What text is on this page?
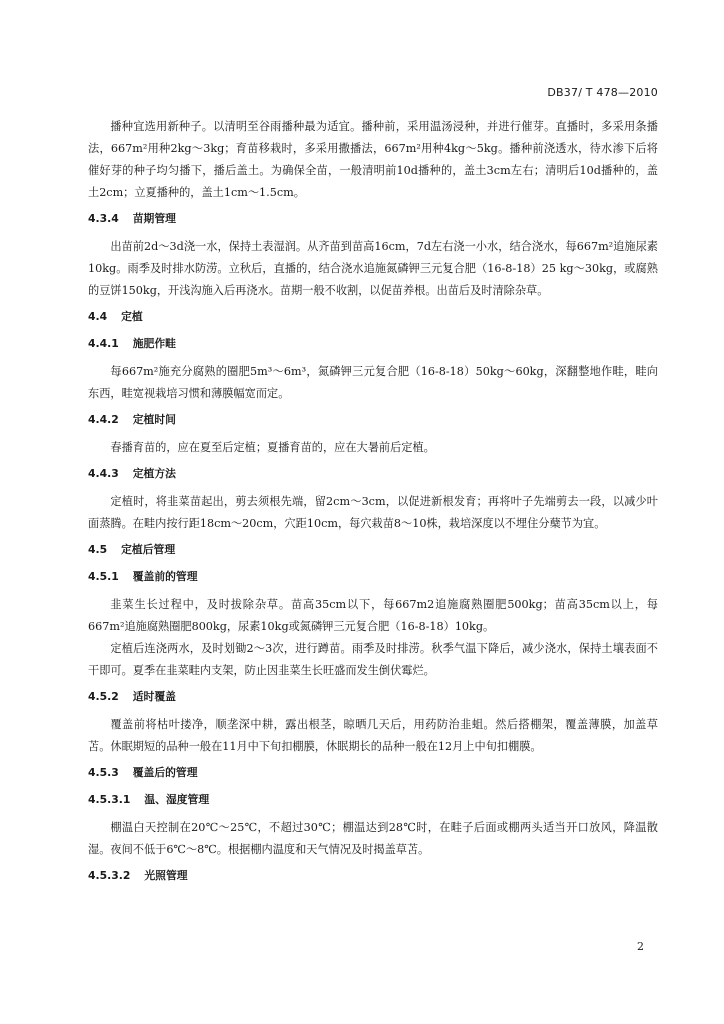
DB37/ T 478—2010

播种宜选用新种子。以清明至谷雨播种最为适宜。播种前，采用温汤浸种，并进行催芽。直播时，多采用条播法，667m²用种2kg～3kg；育苗移栽时，多采用撒播法，667m²用种4kg～5kg。播种前浇透水，待水渗下后将催好芽的种子均匀播下，播后盖土。为确保全苗，一般清明前10d播种的，盖土3cm左右；清明后10d播种的，盖土2cm；立夏播种的，盖土1cm～1.5cm。

4.3.4 苗期管理

出苗前2d～3d浇一水，保持土表湿润。从齐苗到苗高16cm，7d左右浇一小水，结合浇水，每667m²追施尿素10kg。雨季及时排水防涝。立秋后，直播的，结合浇水追施氮磷钾三元复合肥（16-8-18）25 kg～30kg，或腐熟的豆饼150kg，开浅沟施入后再浇水。苗期一般不收割，以促苗养根。出苗后及时清除杂草。

4.4 定植
4.4.1 施肥作畦

每667m²施充分腐熟的圈肥5m³～6m³，氮磷钾三元复合肥（16-8-18）50kg～60kg，深翻整地作畦，畦向东西，畦宽视栽培习惯和薄膜幅宽而定。

4.4.2 定植时间

春播育苗的，应在夏至后定植；夏播育苗的，应在大暑前后定植。

4.4.3 定植方法

定植时，将韭菜苗起出，剪去须根先端，留2cm～3cm，以促进新根发育；再将叶子先端剪去一段，以减少叶面蒸腾。在畦内按行距18cm～20cm，穴距10cm，每穴栽苗8～10株，栽培深度以不埋住分蘖节为宜。

4.5 定植后管理
4.5.1 覆盖前的管理

韭菜生长过程中，及时拔除杂草。苗高35cm以下，每667m2追施腐熟圈肥500kg；苗高35cm以上，每667m²追施腐熟圈肥800kg，尿素10kg或氮磷钾三元复合肥（16-8-18）10kg。

定植后连浇两水，及时划锄2～3次，进行蹲苗。雨季及时排涝。秋季气温下降后，减少浇水，保持土壤表面不干即可。夏季在韭菜畦内支架，防止因韭菜生长旺盛而发生倒伏霉烂。

4.5.2 适时覆盖

覆盖前将枯叶搂净，顺垄深中耕，露出根茎，晾晒几天后，用药防治韭蛆。然后搭棚架，覆盖薄膜，加盖草苫。休眠期短的品种一般在11月中下旬扣棚膜，休眠期长的品种一般在12月上中旬扣棚膜。

4.5.3 覆盖后的管理
4.5.3.1 温、湿度管理

棚温白天控制在20℃～25℃，不超过30℃；棚温达到28℃时，在畦子后面或棚两头适当开口放风，降温散湿。夜间不低于6℃～8℃。根据棚内温度和天气情况及时揭盖草苫。

4.5.3.2 光照管理
2
